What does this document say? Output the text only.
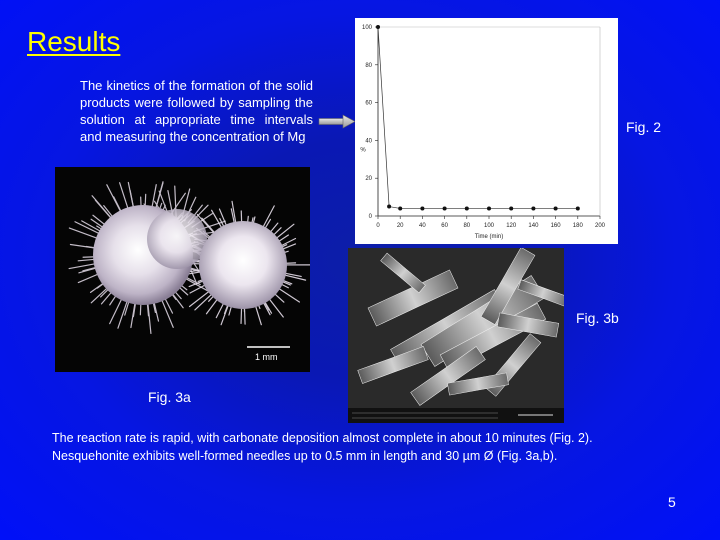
Results
The kinetics of the formation of the solid products were followed by sampling the solution at appropriate time intervals and measuring the concentration of Mg
0	20	40	60	80 100 120 140 160 180 200
0
20
40
60
80
100
Time (min)
%
Fig. 2
1 mm
Fig. 3a
Fig. 3b
The reaction rate is rapid, with carbonate deposition almost complete in about 10 minutes (Fig. 2).
Nesquehonite exhibits well-formed needles up to 0.5 mm in length and 30 µm Ø (Fig. 3a,b).
5
